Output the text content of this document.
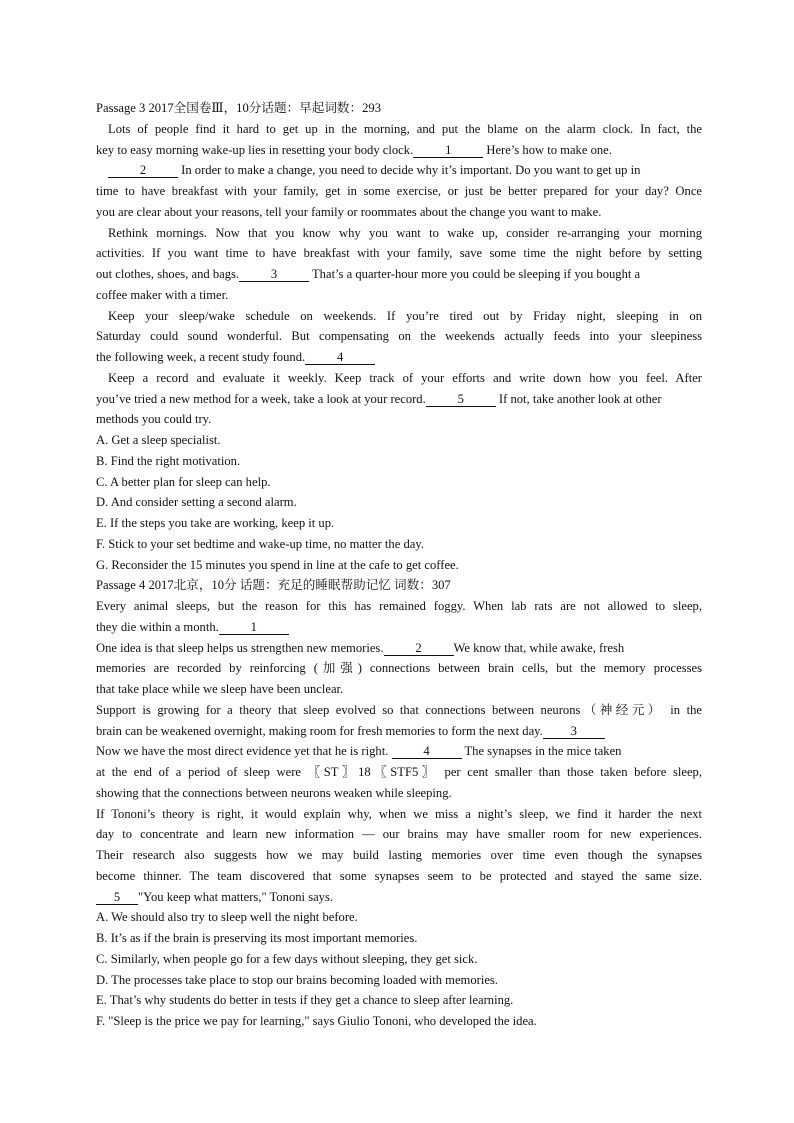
Passage 3 2017全国卷Ⅲ，10分话题：早起词数：293
Lots of people find it hard to get up in the morning, and put the blame on the alarm clock. In fact, the
key to easy morning wake-up lies in resetting your body clock.	1	Here’s how to make one.
2	In order to make a change, you need to decide why it’s important. Do you want to get up in
time to have breakfast with your family, get in some exercise, or just be better prepared for your day? Once
you are clear about your reasons, tell your family or roommates about the change you want to make.
Rethink mornings. Now that you know why you want to wake up, consider re-arranging your morning
activities. If you want time to have breakfast with your family, save some time the night before by setting
out clothes, shoes, and bags.	3	That’s a quarter-hour more you could be sleeping if you bought a
coffee maker with a timer.
Keep your sleep/wake schedule on weekends. If you’re tired out by Friday night, sleeping in on
Saturday could sound wonderful. But compensating on the weekends actually feeds into your sleepiness
the following week, a recent study found.	4
Keep a record and evaluate it weekly. Keep track of your efforts and write down how you feel. After
you’ve tried a new method for a week, take a look at your record.	5	If not, take another look at other
methods you could try.
A. Get a sleep specialist.
B. Find the right motivation.
C. A better plan for sleep can help.
D. And consider setting a second alarm.
E. If the steps you take are working, keep it up.
F. Stick to your set bedtime and wake-up time, no matter the day.
G. Reconsider the 15 minutes you spend in line at the cafe to get coffee.
Passage 4 2017北京，10分 话题：充足的睡眠帮助记忆 词数：307
Every animal sleeps, but the reason for this has remained foggy. When lab rats are not allowed to sleep,
they die within a month.	1
One idea is that sleep helps us strengthen new memories.	2	We know that, while awake, fresh
memories are recorded by reinforcing (加强) connections between brain cells, but the memory processes
that take place while we sleep have been unclear.
Support is growing for a theory that sleep evolved so that connections between neurons（神经元） in the
brain can be weakened overnight, making room for fresh memories to form the next day. 3
Now we have the most direct evidence yet that he is right.	4	The synapses in the mice taken
at the end of a period of sleep were 〖ST〗18〖STF5〗 per cent smaller than those taken before sleep,
showing that the connections between neurons weaken while sleeping.
If Tononi’s theory is right, it would explain why, when we miss a night’s sleep, we find it harder the next
day to concentrate and learn new information — our brains may have smaller room for new experiences.
Their research also suggests how we may build lasting memories over time even though the synapses
become thinner. The team discovered that some synapses seem to be protected and stayed the same size.
5 "You keep what matters," Tononi says.
A. We should also try to sleep well the night before.
B. It’s as if the brain is preserving its most important memories.
C. Similarly, when people go for a few days without sleeping, they get sick.
D. The processes take place to stop our brains becoming loaded with memories.
E. That’s why students do better in tests if they get a chance to sleep after learning.
F. "Sleep is the price we pay for learning," says Giulio Tononi, who developed the idea.
